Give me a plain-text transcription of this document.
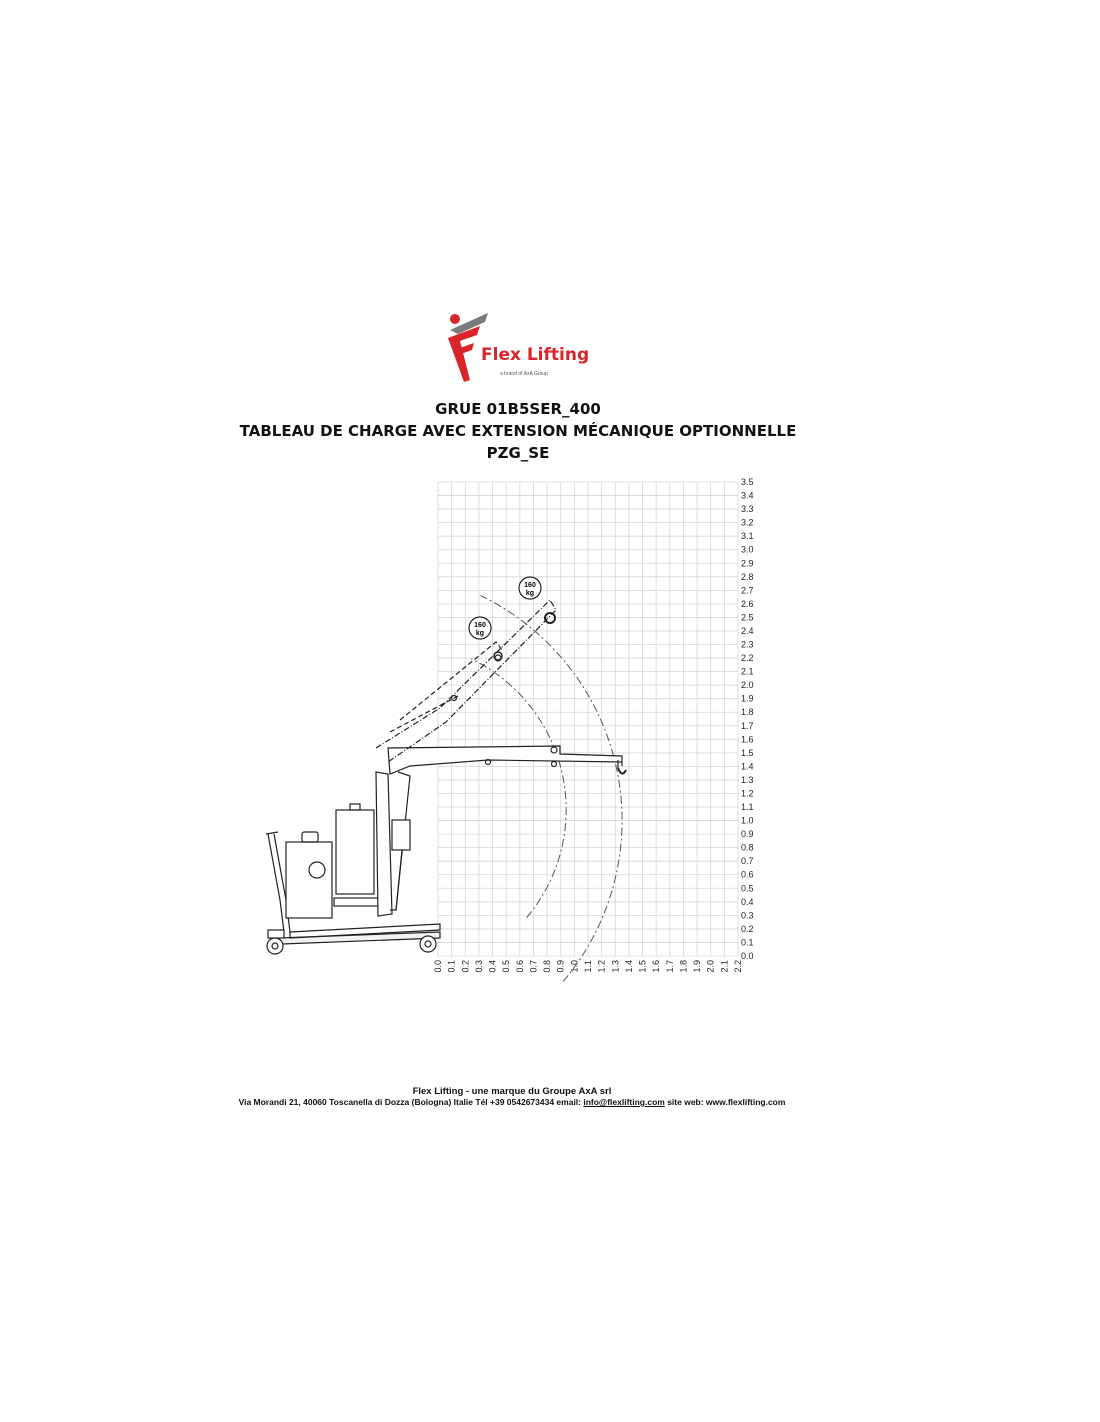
Flex Lifting
a brand of AxA Group
GRUE 01B5SER_400
TABLEAU DE CHARGE AVEC EXTENSION MÉCANIQUE OPTIONNELLE
PZG_SE
0.0
0.1
0.2
0.3
0.4
0.5
0.6
0.7
0.8
0.9
1.0
1.1
1.2
1.3
1.4
1.5
1.6
1.7
1.8
1.9
2.0
2.1
2.2
2.3
2.4
2.5
2.6
2.7
2.8
2.9
3.0
3.1
3.2
3.3
3.4
3.5
0.0 0.1 0.2 0.3 0.4 0.5 0.6 0.7 0.8 0.9 1.0 1.1 1.2 1.3 1.4 1.5 1.6 1.7 1.8 1.9 2.0 2.1 2.2
160
kg
160
kg
Flex Lifting - une marque du Groupe AxA srl
Via Morandi 21, 40060 Toscanella di Dozza (Bologna) Italie Tél +39 0542673434 email: info@flexlifting.com site web: www.flexlifting.com
